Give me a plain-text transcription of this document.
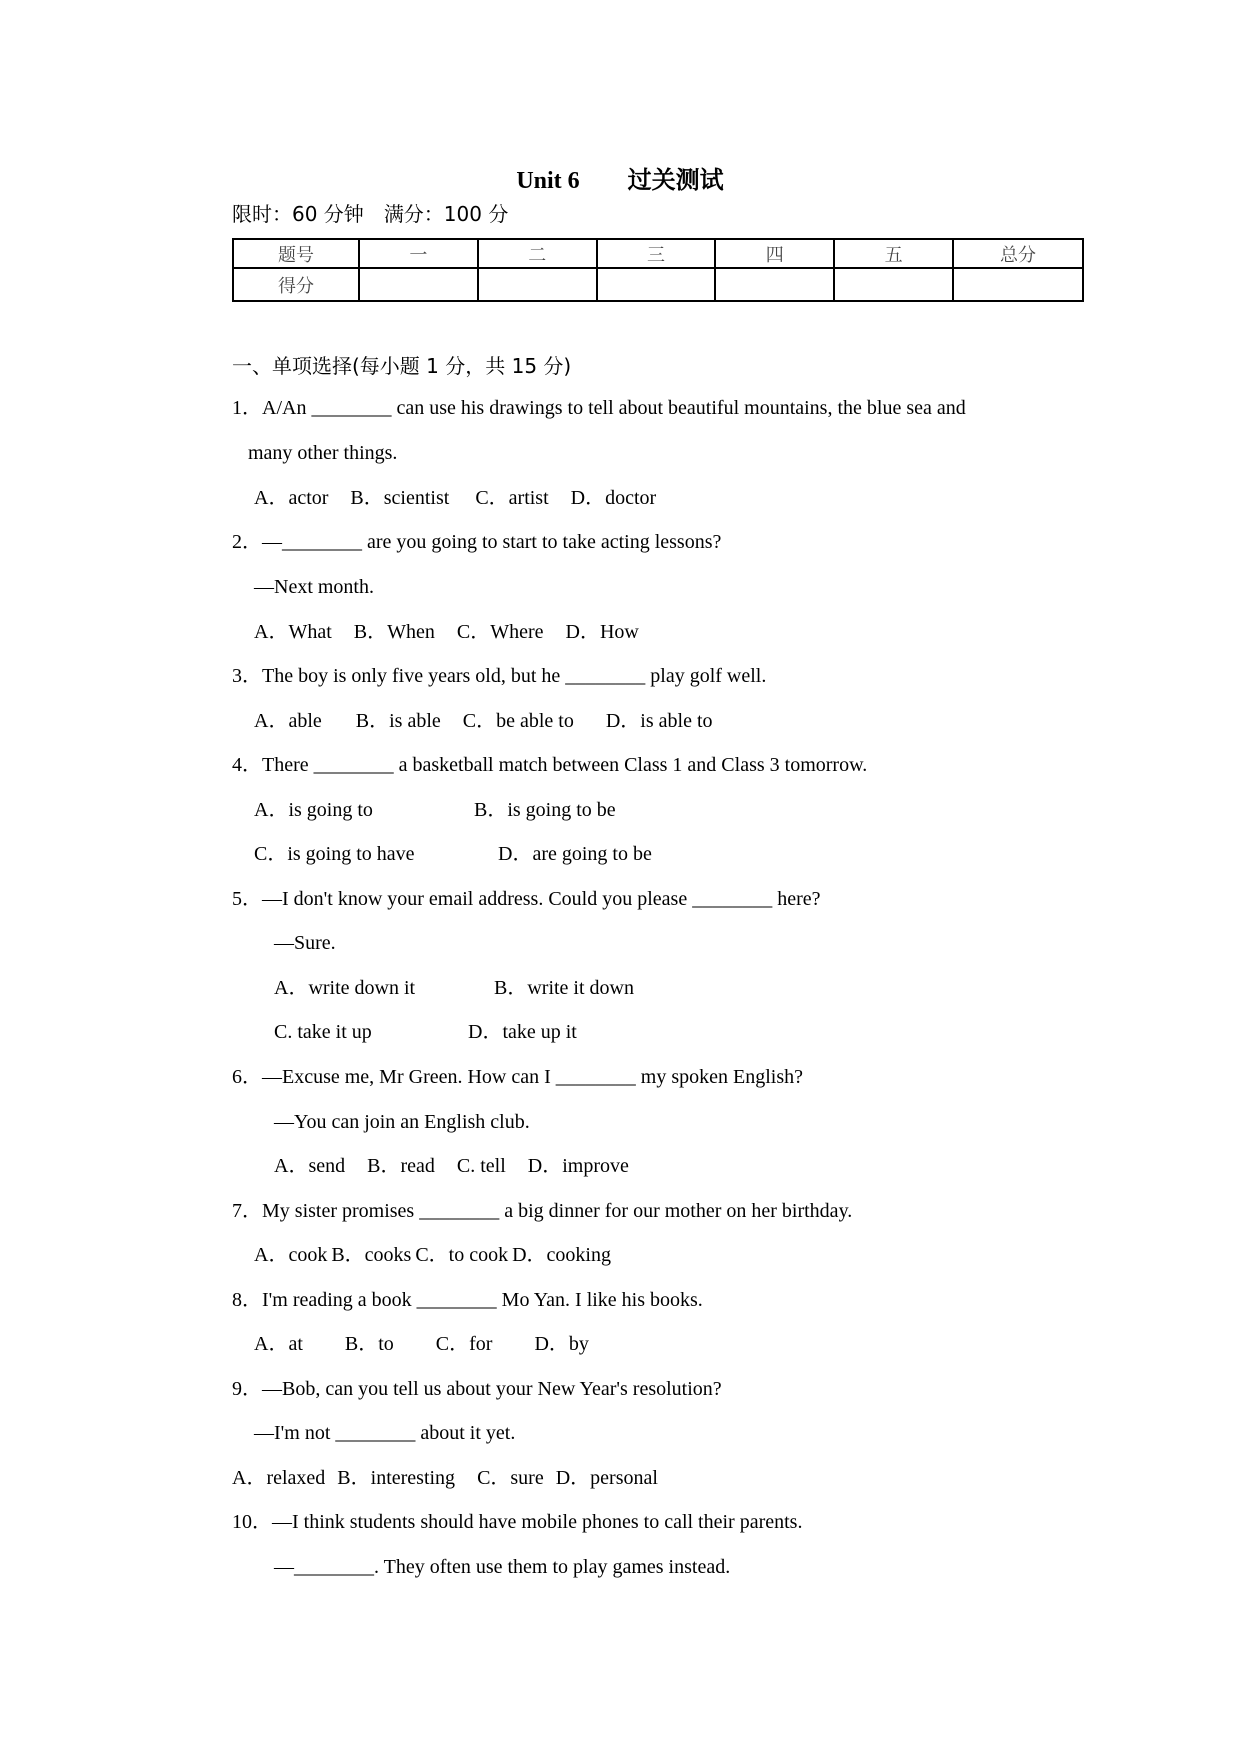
Unit 6 过关测试
限时：60 分钟 满分：100 分
题号	一	二	三	四	五	总分
得分						
一、单项选择(每小题 1 分，共 15 分)
1．A/An ________ can use his drawings to tell about beautiful mountains, the blue sea and
many other things.
A．actor B．scientist C．artist D．doctor
2．—________ are you going to start to take acting lessons?
—Next month.
A．What B．When C．Where D．How
3．The boy is only five years old, but he ________ play golf well.
A．able B．is able C．be able to D．is able to
4．There ________ a basketball match between Class 1 and Class 3 tomorrow.
A．is going to	B．is going to be
C．is going to have	D．are going to be
5．—I don't know your email address. Could you please ________ here?
—Sure.
A．write down it	B．write it down
C. take it up	D．take up it
6．—Excuse me, Mr Green. How can I ________ my spoken English?
—You can join an English club.
A．send B．read C. tell D．improve
7．My sister promises ________ a big dinner for our mother on her birthday.
A．cook B．cooks C．to cook D．cooking
8．I'm reading a book ________ Mo Yan. I like his books.
A．at B．to C．for D．by
9．—Bob, can you tell us about your New Year's resolution?
—I'm not ________ about it yet.
A．relaxed B．interesting C．sure D．personal
10．—I think students should have mobile phones to call their parents.
—________. They often use them to play games instead.
